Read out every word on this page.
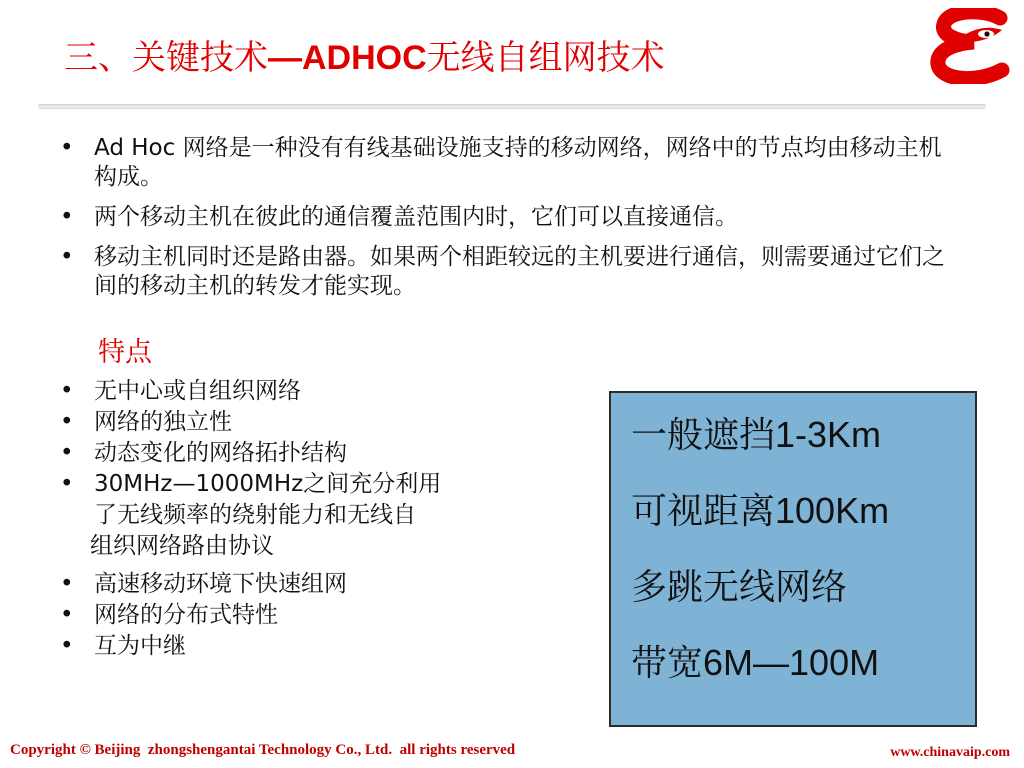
三、关键技术—ADHOC无线自组网技术
• Ad Hoc 网络是一种没有有线基础设施支持的移动网络，网络中的节点均由移动主机构成。
• 两个移动主机在彼此的通信覆盖范围内时，它们可以直接通信。
• 移动主机同时还是路由器。如果两个相距较远的主机要进行通信，则需要通过它们之间的移动主机的转发才能实现。
特点
• 无中心或自组织网络
• 网络的独立性
• 动态变化的网络拓扑结构
• 30MHz—1000MHz之间充分利用
了无线频率的绕射能力和无线自
组织网络路由协议
• 高速移动环境下快速组网
• 网络的分布式特性
• 互为中继
一般遮挡1-3Km
可视距离100Km
多跳无线网络
带宽6M—100M
Copyright © Beijing  zhongshengantai Technology Co., Ltd.  all rights reserved	www.chinavaip.com
